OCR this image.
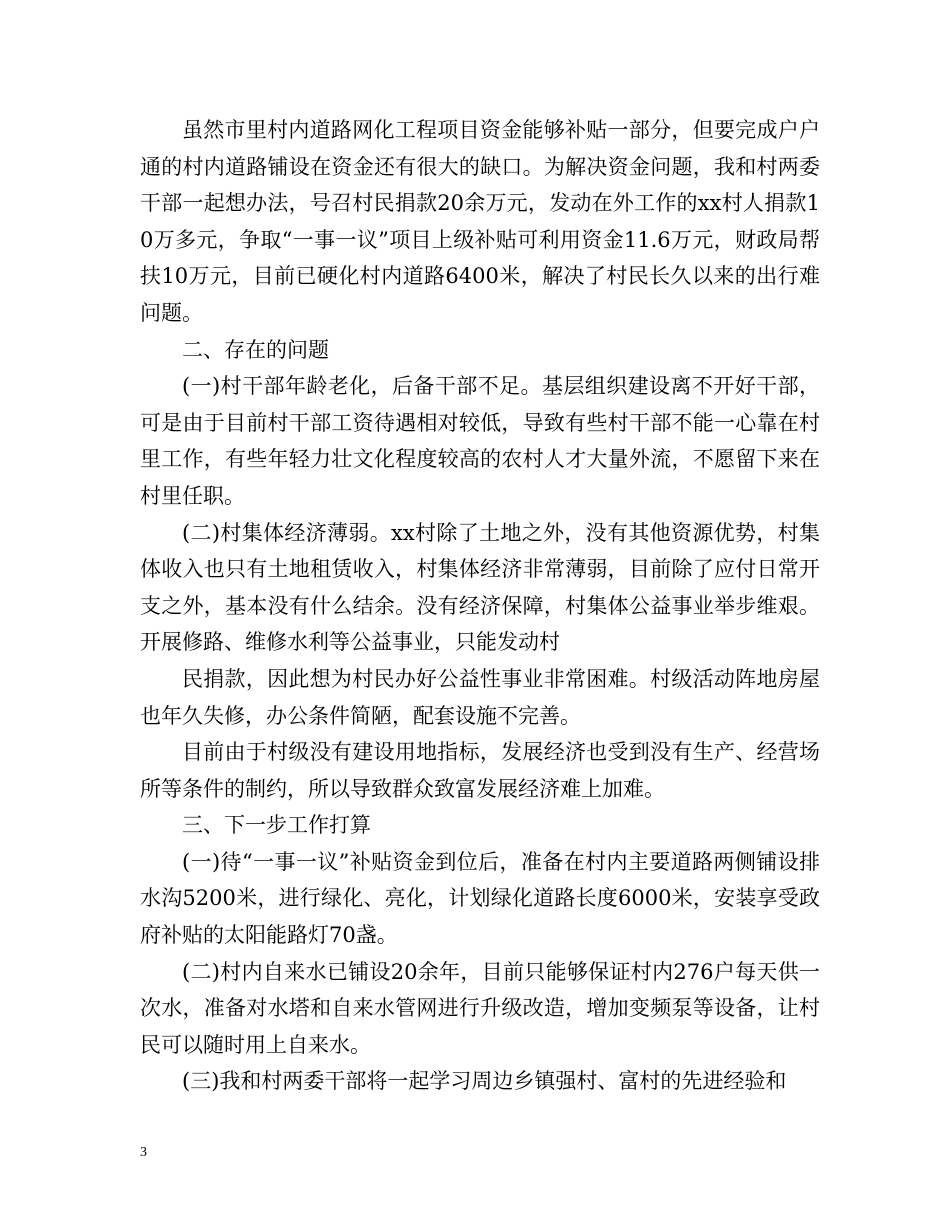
虽然市里村内道路网化工程项目资金能够补贴一部分，但要完成户户通的村内道路铺设在资金还有很大的缺口。为解决资金问题，我和村两委干部一起想办法，号召村民捐款20余万元，发动在外工作的xx村人捐款10万多元，争取“一事一议”项目上级补贴可利用资金11.6万元，财政局帮扶10万元，目前已硬化村内道路6400米，解决了村民长久以来的出行难问题。

二、存在的问题

(一)村干部年龄老化，后备干部不足。基层组织建设离不开好干部，可是由于目前村干部工资待遇相对较低，导致有些村干部不能一心靠在村里工作，有些年轻力壮文化程度较高的农村人才大量外流，不愿留下来在村里任职。

(二)村集体经济薄弱。xx村除了土地之外，没有其他资源优势，村集体收入也只有土地租赁收入，村集体经济非常薄弱，目前除了应付日常开支之外，基本没有什么结余。没有经济保障，村集体公益事业举步维艰。开展修路、维修水利等公益事业，只能发动村

民捐款，因此想为村民办好公益性事业非常困难。村级活动阵地房屋也年久失修，办公条件简陋，配套设施不完善。

目前由于村级没有建设用地指标，发展经济也受到没有生产、经营场所等条件的制约，所以导致群众致富发展经济难上加难。

三、下一步工作打算

(一)待“一事一议”补贴资金到位后，准备在村内主要道路两侧铺设排水沟5200米，进行绿化、亮化，计划绿化道路长度6000米，安装享受政府补贴的太阳能路灯70盏。

(二)村内自来水已铺设20余年，目前只能够保证村内276户每天供一次水，准备对水塔和自来水管网进行升级改造，增加变频泵等设备，让村民可以随时用上自来水。

(三)我和村两委干部将一起学习周边乡镇强村、富村的先进经验和

3
